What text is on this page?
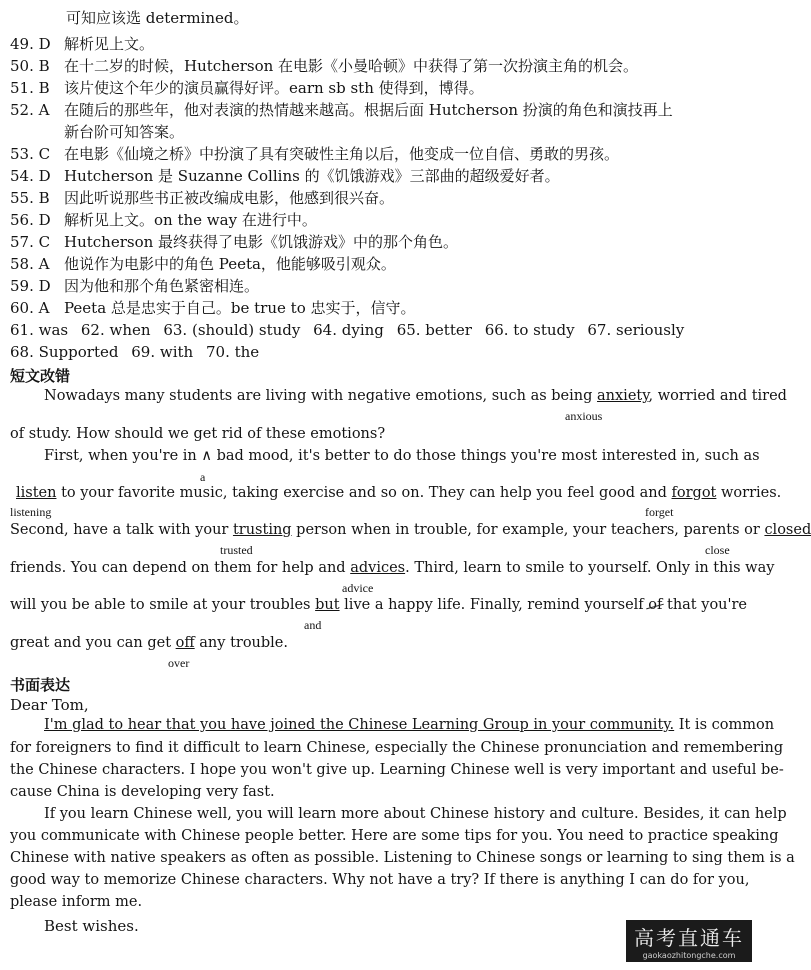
可知应该选 determined。
49. D 解析见上文。
50. B 在十二岁的时候，Hutcherson 在电影《小曼哈顿》中获得了第一次扮演主角的机会。
51. B 该片使这个年少的演员赢得好评。earn sb sth 使得到，博得。
52. A 在随后的那些年，他对表演的热情越来越高。根据后面 Hutcherson 扮演的角色和演技再上
新台阶可知答案。
53. C 在电影《仙境之桥》中扮演了具有突破性主角以后，他变成一位自信、勇敢的男孩。
54. D Hutcherson 是 Suzanne Collins 的《饥饿游戏》三部曲的超级爱好者。
55. B 因此听说那些书正被改编成电影，他感到很兴奋。
56. D 解析见上文。on the way 在进行中。
57. C Hutcherson 最终获得了电影《饥饿游戏》中的那个角色。
58. A 他说作为电影中的角色 Peeta，他能够吸引观众。
59. D 因为他和那个角色紧密相连。
60. A Peeta 总是忠实于自己。be true to 忠实于，信守。
61. was 62. when 63. (should) study 64. dying 65. better 66. to study 67. seriously
68. Supported 69. with 70. the
短文改错
Nowadays many students are living with negative emotions, such as being anxiety, worried and tired
anxious
of study. How should we get rid of these emotions?
a
First, when you're in ∧ bad mood, it's better to do those things you're most interested in, such as
listen to your favorite music, taking exercise and so on. They can help you feel good and forgot worries.
listening	forget
Second, have a talk with your trusting person when in trouble, for example, your teachers, parents or closed
trusted	close
friends. You can depend on them for help and advices. Third, learn to smile to yourself. Only in this way
advice
will you be able to smile at your troubles but live a happy life. Finally, remind yourself of that you're
and
great and you can get off any trouble.
over
书面表达
Dear Tom,
I'm glad to hear that you have joined the Chinese Learning Group in your community. It is common
for foreigners to find it difficult to learn Chinese, especially the Chinese pronunciation and remembering
the Chinese characters. I hope you won't give up. Learning Chinese well is very important and useful be-
cause China is developing very fast.
If you learn Chinese well, you will learn more about Chinese history and culture. Besides, it can help
you communicate with Chinese people better. Here are some tips for you. You need to practice speaking
Chinese with native speakers as often as possible. Listening to Chinese songs or learning to sing them is a
good way to memorize Chinese characters. Why not have a try? If there is anything I can do for you,
please inform me.
Best wishes.	高考直通车
gaokaozhitongche.com
